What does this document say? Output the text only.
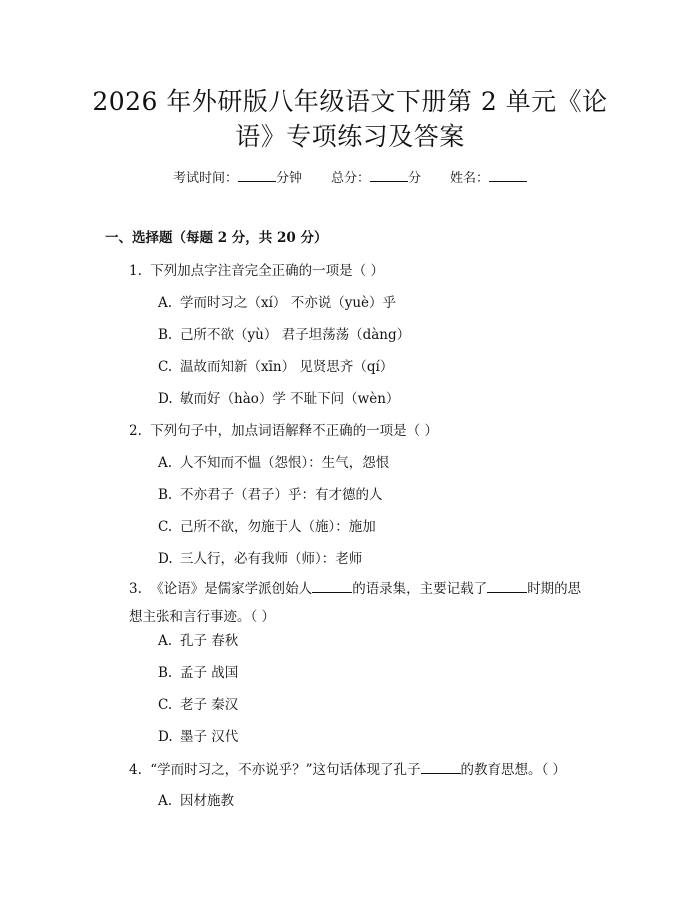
2026 年外研版八年级语文下册第 2 单元《论
语》专项练习及答案
考试时间：	分钟 总分：	分 姓名：

一、选择题（每题 2 分，共 20 分）

1. 下列加点字注音完全正确的一项是（ ）

A. 学而时习之（xí） 不亦说（yuè）乎

B. 己所不欲（yù） 君子坦荡荡（dàng）

C. 温故而知新（xīn） 见贤思齐（qí）

D. 敏而好（hào）学 不耻下问（wèn）

2. 下列句子中，加点词语解释不正确的一项是（ ）

A. 人不知而不愠（怨恨）：生气，怨恨

B. 不亦君子（君子）乎：有才德的人

C. 己所不欲，勿施于人（施）：施加

D. 三人行，必有我师（师）：老师

3. 《论语》是儒家学派创始人	的语录集，主要记载了	时期的思想主张和言行事迹。（ ）

A. 孔子 春秋

B. 孟子 战国

C. 老子 秦汉

D. 墨子 汉代

4. “学而时习之，不亦说乎？”这句话体现了孔子	的教育思想。（ ）

A. 因材施教
